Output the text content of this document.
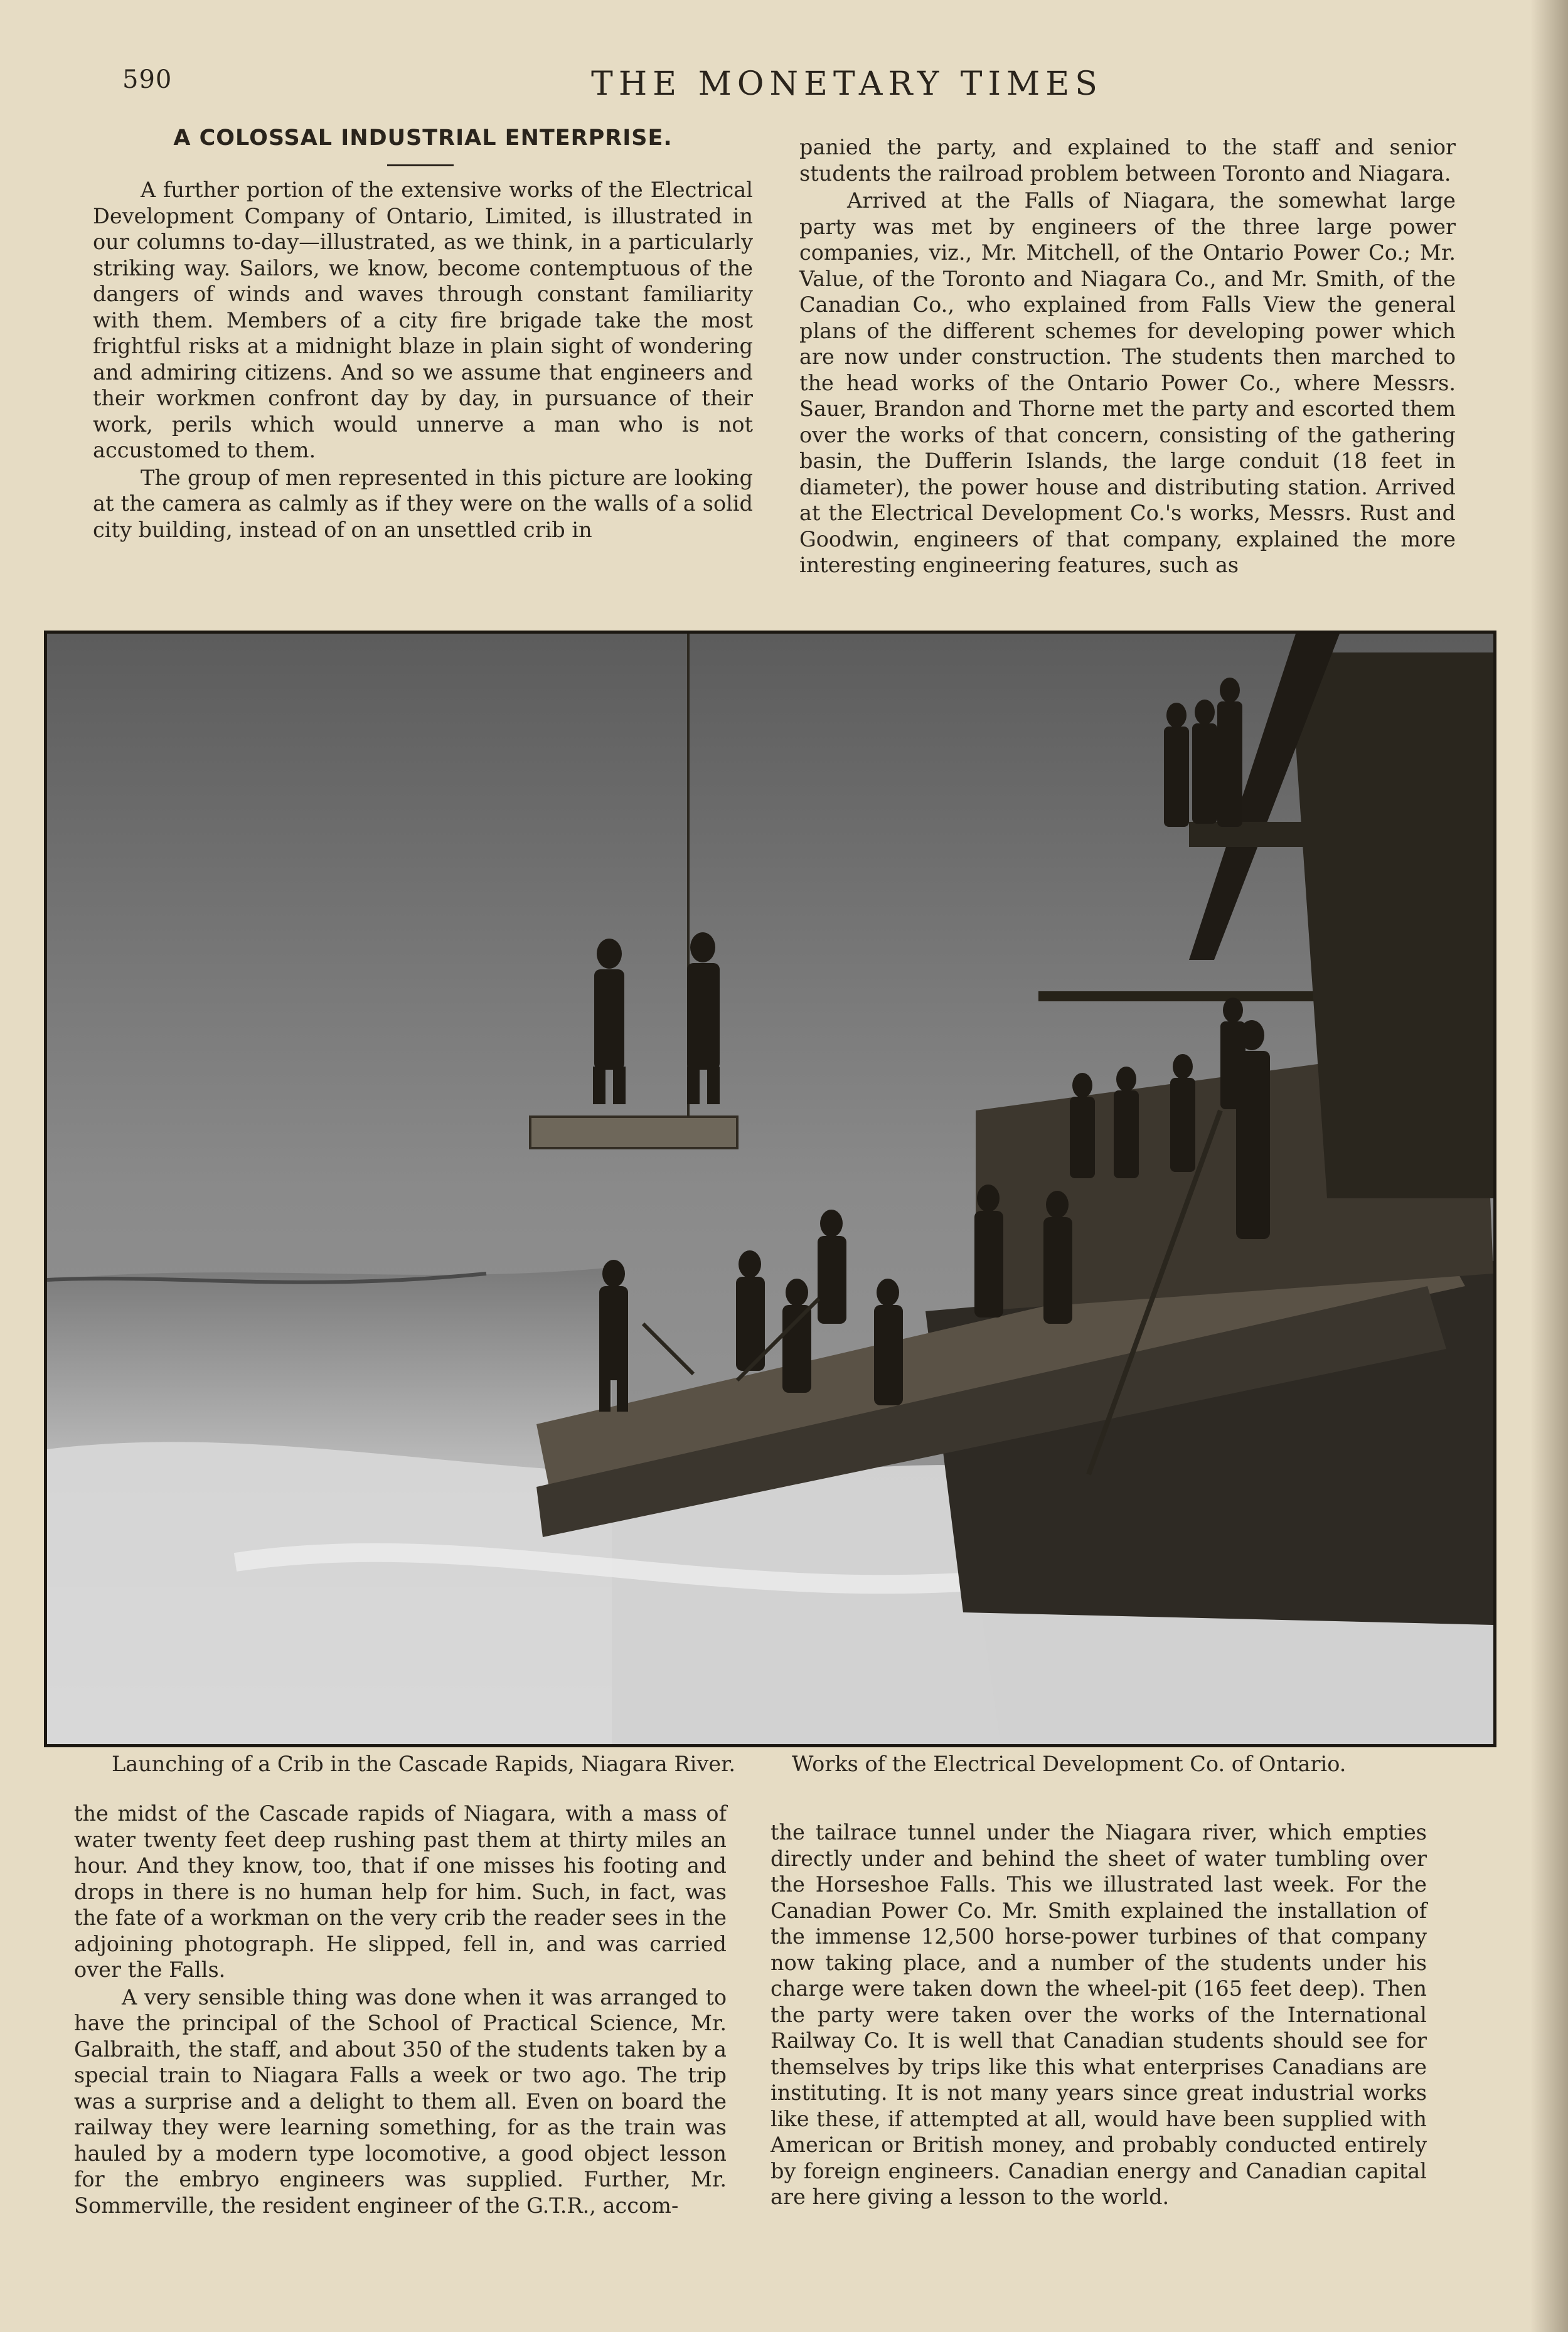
590	THE MONETARY TIMES
A COLOSSAL INDUSTRIAL ENTERPRISE.

A further portion of the extensive works of the Electrical Development Company of Ontario, Limited, is illustrated in our columns to-day—illustrated, as we think, in a particularly striking way. Sailors, we know, become contemptuous of the dangers of winds and waves through constant familiarity with them. Members of a city fire brigade take the most frightful risks at a midnight blaze in plain sight of wondering and admiring citizens. And so we assume that engineers and their workmen confront day by day, in pursuance of their work, perils which would unnerve a man who is not accustomed to them.

The group of men represented in this picture are looking at the camera as calmly as if they were on the walls of a solid city building, instead of on an unsettled crib in

panied the party, and explained to the staff and senior students the railroad problem between Toronto and Niagara.

Arrived at the Falls of Niagara, the somewhat large party was met by engineers of the three large power companies, viz., Mr. Mitchell, of the Ontario Power Co.; Mr. Value, of the Toronto and Niagara Co., and Mr. Smith, of the Canadian Co., who explained from Falls View the general plans of the different schemes for developing power which are now under construction. The students then marched to the head works of the Ontario Power Co., where Messrs. Sauer, Brandon and Thorne met the party and escorted them over the works of that concern, consisting of the gathering basin, the Dufferin Islands, the large conduit (18 feet in diameter), the power house and distributing station. Arrived at the Electrical Development Co.'s works, Messrs. Rust and Goodwin, engineers of that company, explained the more interesting engineering features, such as

Launching of a Crib in the Cascade Rapids, Niagara River.	Works of the Electrical Development Co. of Ontario.

the midst of the Cascade rapids of Niagara, with a mass of water twenty feet deep rushing past them at thirty miles an hour. And they know, too, that if one misses his footing and drops in there is no human help for him. Such, in fact, was the fate of a workman on the very crib the reader sees in the adjoining photograph. He slipped, fell in, and was carried over the Falls.

A very sensible thing was done when it was arranged to have the principal of the School of Practical Science, Mr. Galbraith, the staff, and about 350 of the students taken by a special train to Niagara Falls a week or two ago. The trip was a surprise and a delight to them all. Even on board the railway they were learning something, for as the train was hauled by a modern type locomotive, a good object lesson for the embryo engineers was supplied. Further, Mr. Sommerville, the resident engineer of the G.T.R., accom-

the tailrace tunnel under the Niagara river, which empties directly under and behind the sheet of water tumbling over the Horseshoe Falls. This we illustrated last week. For the Canadian Power Co. Mr. Smith explained the installation of the immense 12,500 horse-power turbines of that company now taking place, and a number of the students under his charge were taken down the wheel-pit (165 feet deep). Then the party were taken over the works of the International Railway Co. It is well that Canadian students should see for themselves by trips like this what enterprises Canadians are instituting. It is not many years since great industrial works like these, if attempted at all, would have been supplied with American or British money, and probably conducted entirely by foreign engineers. Canadian energy and Canadian capital are here giving a lesson to the world.
